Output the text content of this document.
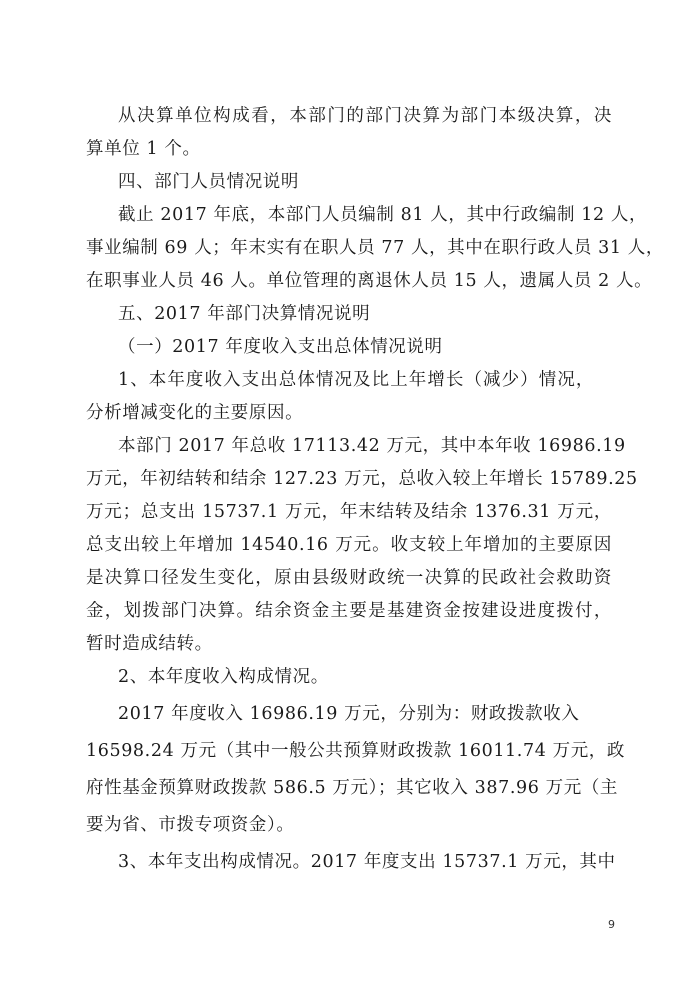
从决算单位构成看，本部门的部门决算为部门本级决算，决
算单位 1 个。
四、部门人员情况说明
截止 2017 年底，本部门人员编制 81 人，其中行政编制 12 人，
事业编制 69 人；年末实有在职人员 77 人，其中在职行政人员 31 人，
在职事业人员 46 人。单位管理的离退休人员 15 人，遗属人员 2 人。
五、2017 年部门决算情况说明
（一）2017 年度收入支出总体情况说明
1、本年度收入支出总体情况及比上年增长（减少）情况，
分析增减变化的主要原因。
本部门 2017 年总收 17113.42 万元，其中本年收 16986.19
万元，年初结转和结余 127.23 万元，总收入较上年增长 15789.25
万元；总支出 15737.1 万元，年末结转及结余 1376.31 万元，
总支出较上年增加 14540.16 万元。收支较上年增加的主要原因
是决算口径发生变化，原由县级财政统一决算的民政社会救助资
金，划拨部门决算。结余资金主要是基建资金按建设进度拨付，
暂时造成结转。
2、本年度收入构成情况。
2017 年度收入 16986.19 万元，分别为：财政拨款收入
16598.24 万元（其中一般公共预算财政拨款 16011.74 万元，政
府性基金预算财政拨款 586.5 万元）；其它收入 387.96 万元（主
要为省、市拨专项资金）。
3、本年支出构成情况。2017 年度支出 15737.1 万元，其中
9
